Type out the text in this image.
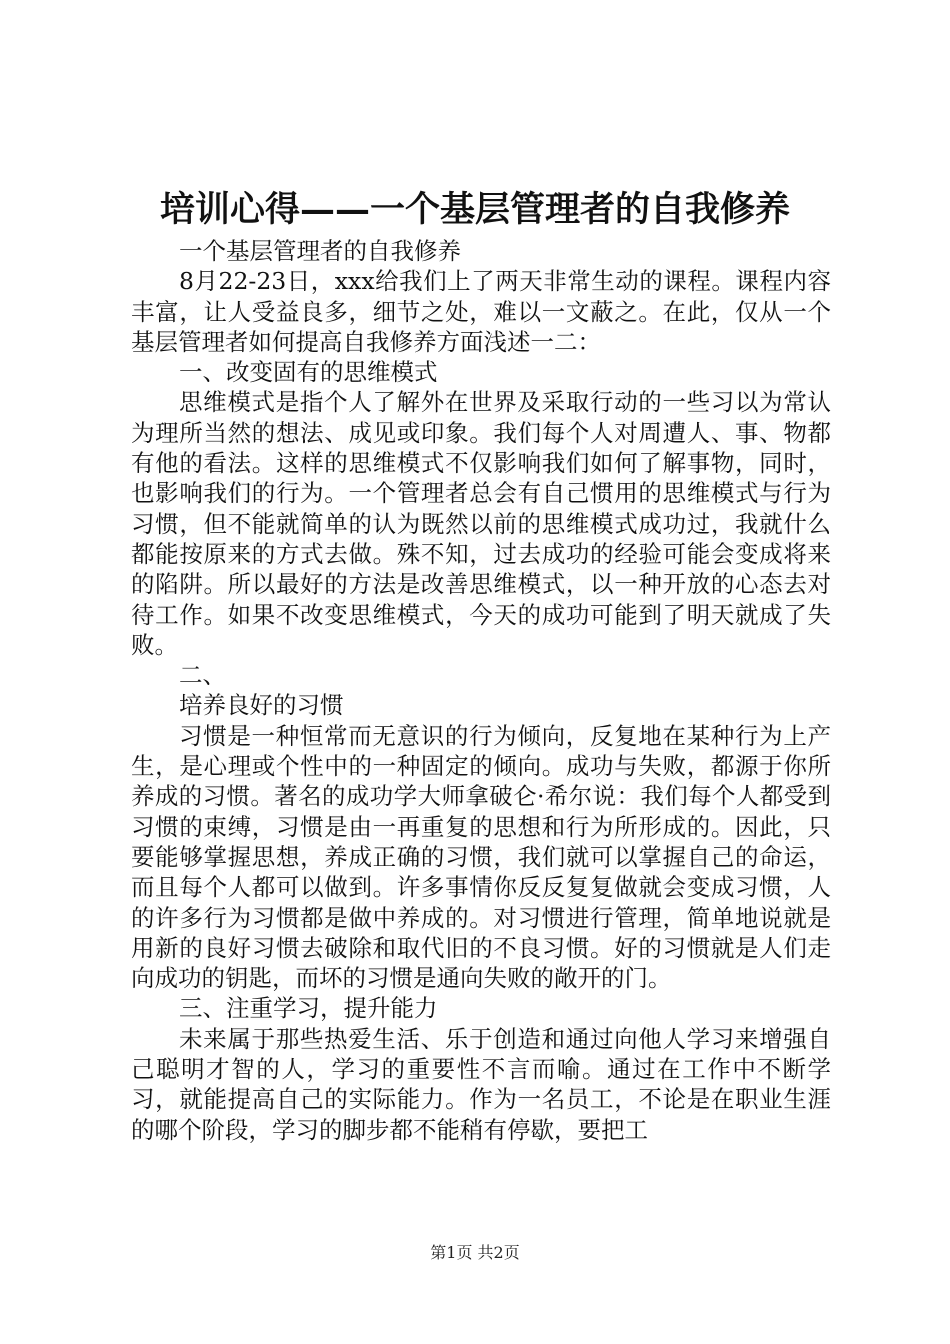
培训心得——一个基层管理者的自我修养

一个基层管理者的自我修养

8月22-23日，xxx给我们上了两天非常生动的课程。课程内容丰富，让人受益良多，细节之处，难以一文蔽之。在此，仅从一个基层管理者如何提高自我修养方面浅述一二：

一、改变固有的思维模式

思维模式是指个人了解外在世界及采取行动的一些习以为常认为理所当然的想法、成见或印象。我们每个人对周遭人、事、物都有他的看法。这样的思维模式不仅影响我们如何了解事物，同时，也影响我们的行为。一个管理者总会有自己惯用的思维模式与行为习惯，但不能就简单的认为既然以前的思维模式成功过，我就什么都能按原来的方式去做。殊不知，过去成功的经验可能会变成将来的陷阱。所以最好的方法是改善思维模式，以一种开放的心态去对待工作。如果不改变思维模式，今天的成功可能到了明天就成了失败。

二、

培养良好的习惯

习惯是一种恒常而无意识的行为倾向，反复地在某种行为上产生，是心理或个性中的一种固定的倾向。成功与失败，都源于你所养成的习惯。著名的成功学大师拿破仑·希尔说：我们每个人都受到习惯的束缚，习惯是由一再重复的思想和行为所形成的。因此，只要能够掌握思想，养成正确的习惯，我们就可以掌握自己的命运，而且每个人都可以做到。许多事情你反反复复做就会变成习惯，人的许多行为习惯都是做中养成的。对习惯进行管理，简单地说就是用新的良好习惯去破除和取代旧的不良习惯。好的习惯就是人们走向成功的钥匙，而坏的习惯是通向失败的敞开的门。

三、注重学习，提升能力

未来属于那些热爱生活、乐于创造和通过向他人学习来增强自己聪明才智的人，学习的重要性不言而喻。通过在工作中不断学习，就能提高自己的实际能力。作为一名员工，不论是在职业生涯的哪个阶段，学习的脚步都不能稍有停歇，要把工

第1页 共2页
